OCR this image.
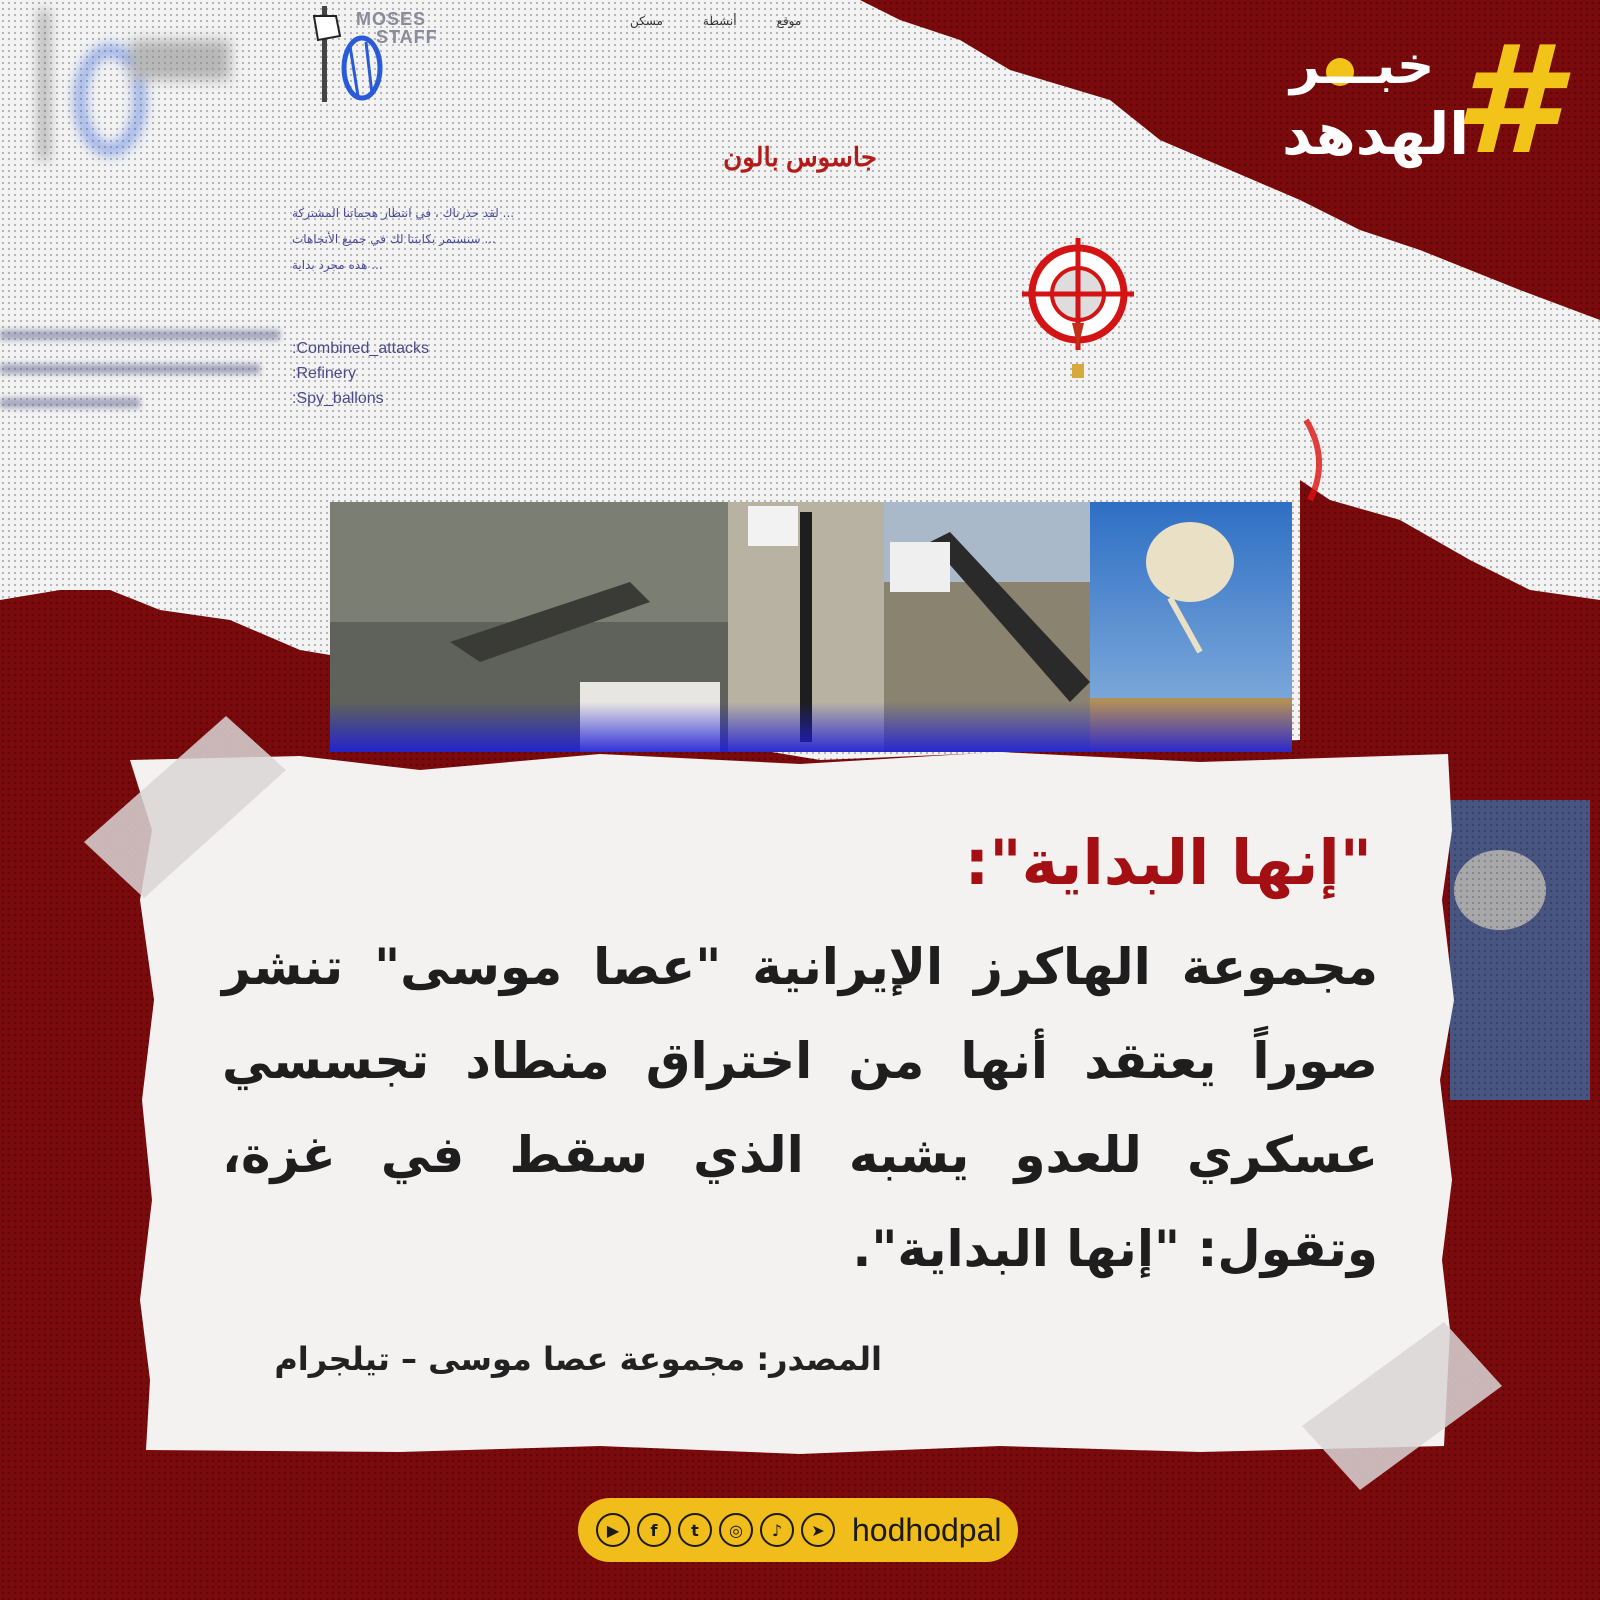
MOSES
STAFF
موقع
أنشطة
مسكن
جاسوس بالون
... لقد حذرناك ، في انتظار هجماتنا المشتركة
... سنستمر بكابتنا لك في جميع الأتجاهات
... هذه مجرد بداية
:Combined_attacks
:Refinery
:Spy_ballons
"إنها البداية":
مجموعة الهاكرز الإيرانية "عصا موسى" تنشر صوراً يعتقد أنها من اختراق منطاد تجسسي عسكري للعدو يشبه الذي سقط في غزة، وتقول: "إنها البداية".
المصدر: مجموعة عصا موسى – تيلجرام
#
خبـــر
الهدهد
▶	f	t	◎	♪	➤ hodhodpal
